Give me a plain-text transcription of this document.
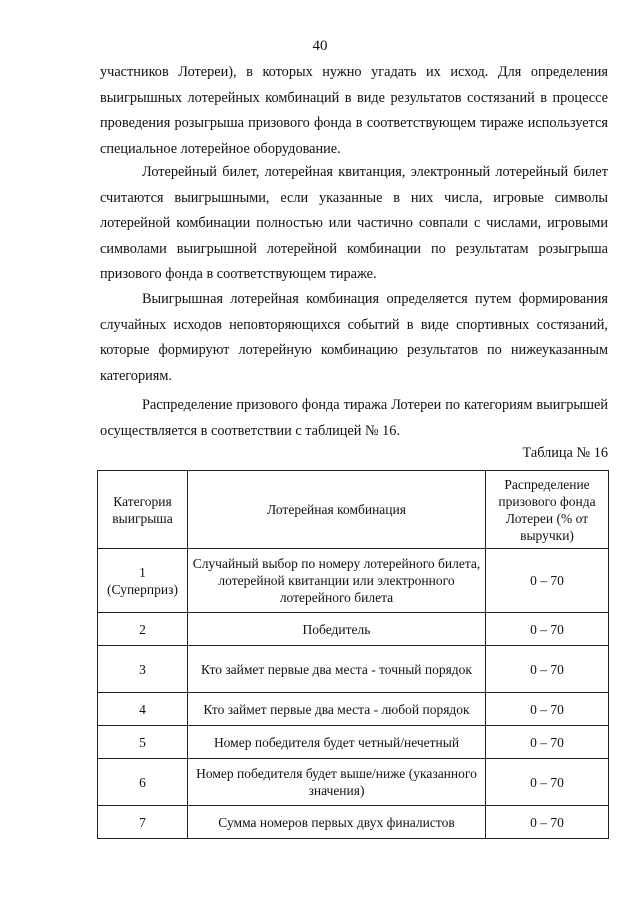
40

участников Лотереи), в которых нужно угадать их исход. Для определения выигрышных лотерейных комбинаций в виде результатов состязаний в процессе проведения розыгрыша призового фонда в соответствующем тираже используется специальное лотерейное оборудование.

Лотерейный билет, лотерейная квитанция, электронный лотерейный билет считаются выигрышными, если указанные в них числа, игровые символы лотерейной комбинации полностью или частично совпали с числами, игровыми символами выигрышной лотерейной комбинации по результатам розыгрыша призового фонда в соответствующем тираже.

Выигрышная лотерейная комбинация определяется путем формирования случайных исходов неповторяющихся событий в виде спортивных состязаний, которые формируют лотерейную комбинацию результатов по нижеуказанным категориям.

Распределение призового фонда тиража Лотереи по категориям выигрышей осуществляется в соответствии с таблицей № 16.

Таблица № 16
Категория выигрыша	Лотерейная комбинация	Распределение призового фонда Лотереи (% от выручки)
1 (Суперприз)	Случайный выбор по номеру лотерейного билета, лотерейной квитанции или электронного лотерейного билета	0 – 70
2	Победитель	0 – 70
3	Кто займет первые два места - точный порядок	0 – 70
4	Кто займет первые два места - любой порядок	0 – 70
5	Номер победителя будет четный/нечетный	0 – 70
6	Номер победителя будет выше/ниже (указанного значения)	0 – 70
7	Сумма номеров первых двух финалистов	0 – 70
